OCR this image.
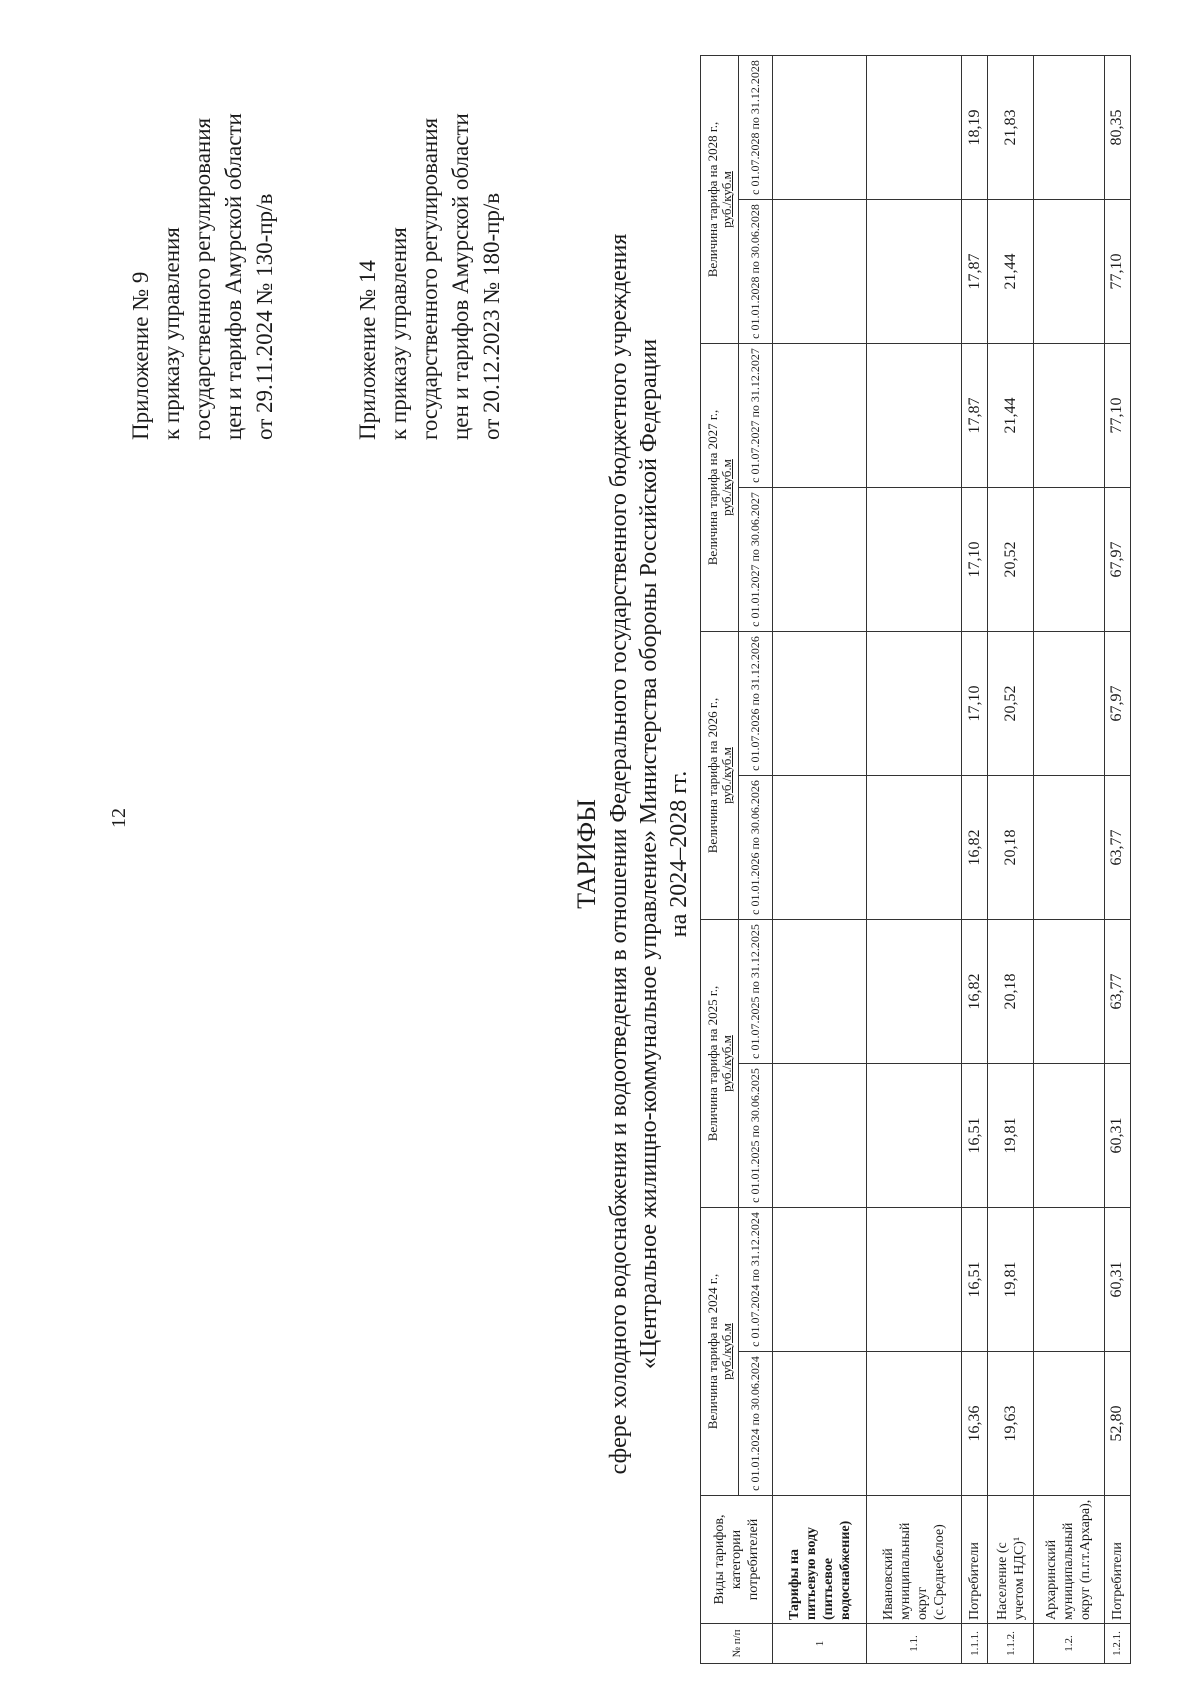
12
Приложение № 9 к приказу управления государственного регулирования цен и тарифов Амурской области от 29.11.2024 № 130-пр/в	Приложение № 14 к приказу управления государственного регулирования цен и тарифов Амурской области от 20.12.2023 № 180-пр/в
ТАРИФЫ сфере холодного водоснабжения и водоотведения в отношении Федерального государственного бюджетного учреждения «Центральное жилищно-коммунальное управление» Министерства обороны Российской Федерации на 2024–2028 гг.
№ п/п	Виды тарифов, категории потребителей	Величина тарифа на 2024 г.,
руб./куб.м		Величина тарифа на 2025 г.,
руб./куб.м		Величина тарифа на 2026 г.,
руб./куб.м		Величина тарифа на 2027 г.,
руб./куб.м		Величина тарифа на 2028 г.,
руб./куб.м	
		с 01.01.2024 по 30.06.2024	с 01.07.2024 по 31.12.2024	с 01.01.2025 по 30.06.2025	с 01.07.2025 по 31.12.2025	с 01.01.2026 по 30.06.2026	с 01.07.2026 по 31.12.2026	с 01.01.2027 по 30.06.2027	с 01.07.2027 по 31.12.2027	с 01.01.2028 по 30.06.2028	с 01.07.2028 по 31.12.2028
1	Тарифы на питьевую воду (питьевое водоснабжение)										
1.1.	Ивановский муниципальный округ (с.Среднебелое)										
1.1.1.	Потребители	16,36	16,51	16,51	16,82	16,82	17,10	17,10	17,87	17,87	18,19
1.1.2.	Население (с учетом НДС)¹	19,63	19,81	19,81	20,18	20,18	20,52	20,52	21,44	21,44	21,83
1.2.	Архаринский муниципальный округ (п.г.т.Архара),										
1.2.1.	Потребители	52,80	60,31	60,31	63,77	63,77	67,97	67,97	77,10	77,10	80,35
